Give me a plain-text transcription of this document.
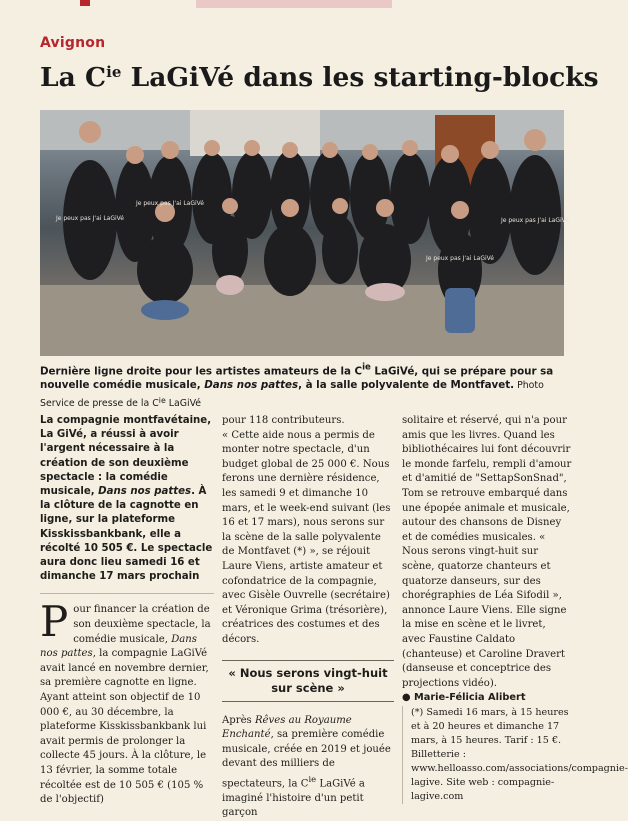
Avignon
La $C^{ie}$ LaGiVé dans les starting-blocks
Je peux pas J'ai LaGiVé
Je peux pas J'ai LaGiVé
Je peux pas J'ai LaGiVé
Je peux pas J'ai LaGiVé
Dernière ligne droite pour les artistes amateurs de la $C^{ie}$ LaGiVé, qui se prépare pour sa nouvelle comédie musicale, Dans nos pattes, à la salle polyvalente de Montfavet. Photo Service de presse de la $C^{ie}$ LaGiVé

La compagnie montfavétaine, La GiVé, a réussi à avoir l'argent nécessaire à la création de son deuxième spectacle : la comédie musicale, Dans nos pattes. À la clôture de la cagnotte en ligne, sur la plateforme Kisskissbankbank, elle a récolté 10 505 €. Le spectacle aura donc lieu samedi 16 et dimanche 17 mars prochain

Pour financer la création de son deuxième spectacle, la comédie musicale, Dans nos pattes, la compagnie LaGiVé avait lancé en novembre dernier, sa première cagnotte en ligne. Ayant atteint son objectif de 10 000 €, au 30 décembre, la plateforme Kisskissbankbank lui avait permis de prolonger la collecte 45 jours. À la clôture, le 13 février, la somme totale récoltée est de 10 505 € (105 % de l'objectif)

pour 118 contributeurs.

« Cette aide nous a permis de monter notre spectacle, d'un budget global de 25 000 €. Nous ferons une dernière résidence, les samedi 9 et dimanche 10 mars, et le week-end suivant (les 16 et 17 mars), nous serons sur la scène de la salle polyvalente de Montfavet (*) », se réjouit Laure Viens, artiste amateur et cofondatrice de la compagnie, avec Gisèle Ouvrelle (secrétaire) et Véronique Grima (trésorière), créatrices des costumes et des décors.

« Nous serons vingt-huit sur scène »

Après Rêves au Royaume Enchanté, sa première comédie musicale, créée en 2019 et jouée devant des milliers de spectateurs, la $C^{ie}$ LaGiVé a imaginé l'histoire d'un petit garçon

solitaire et réservé, qui n'a pour amis que les livres. Quand les bibliothécaires lui font découvrir le monde farfelu, rempli d'amour et d'amitié de "SettapSonSnad", Tom se retrouve embarqué dans une épopée animale et musicale, autour des chansons de Disney et de comédies musicales. « Nous serons vingt-huit sur scène, quatorze chanteurs et quatorze danseurs, sur des chorégraphies de Léa Sifodil », annonce Laure Viens. Elle signe la mise en scène et le livret, avec Faustine Caldato (chanteuse) et Caroline Dravert (danseuse et conceptrice des projections vidéo).

● Marie-Félicia Alibert

(*) Samedi 16 mars, à 15 heures et à 20 heures et dimanche 17 mars, à 15 heures. Tarif : 15 €. Billetterie : www.helloasso.com/associations/compagnie-lagive. Site web : compagnie-lagive.com
